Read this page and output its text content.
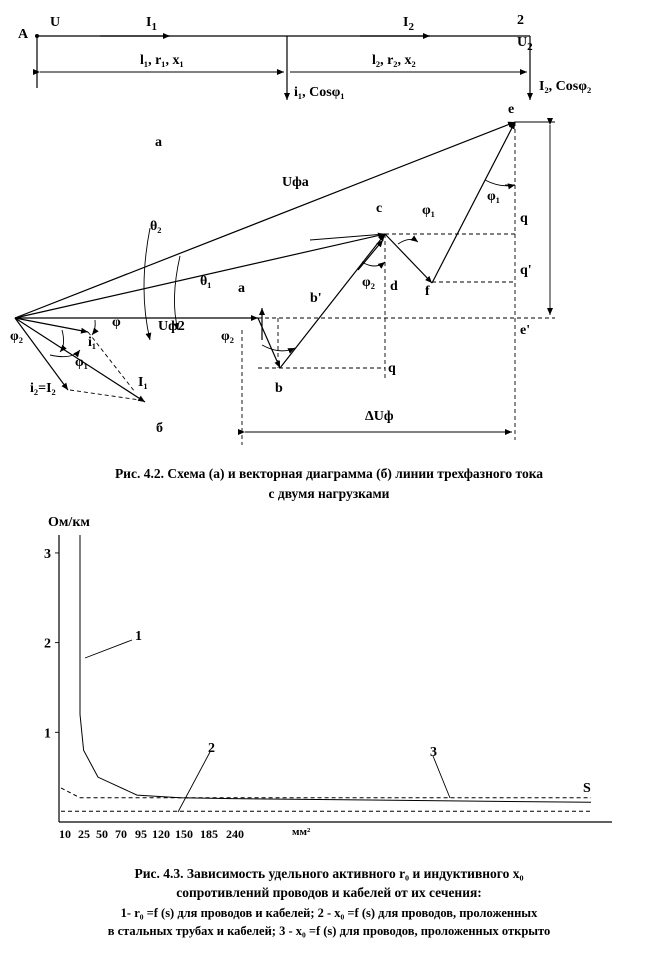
A
U	$I_1$	$I_2$	2
$U_2$
l₁, r₁, x₁	l₂, r₂, x₂
i₁, Cosφ₁	I₂, Cosφ₂
а
e
Uфа
c	φ₁
φ₁
q
q'
θ₂
θ₁ a
b'
φ₂ d f
φ₂
φ	Uф2
φ₂	e'
i₁
φ₁
I₁
i₂=I₂	b
q
ΔUф
б
Рис. 4.2. Схема (а) и векторная диаграмма (б) линии трехфазного тока
с двумя нагрузками
Ом/км
S
мм²
10 25 50 70 95 120 150 185 240
1
2
3
1
2	3
Рис. 4.3. Зависимость удельного активного r₀ и индуктивного x₀
сопротивлений проводов и кабелей от их сечения:
1- r₀ =f (s) для проводов и кабелей; 2 - x₀ =f (s) для проводов, проложенных
в стальных трубах и кабелей; 3 - x₀ =f (s) для проводов, проложенных открыто
